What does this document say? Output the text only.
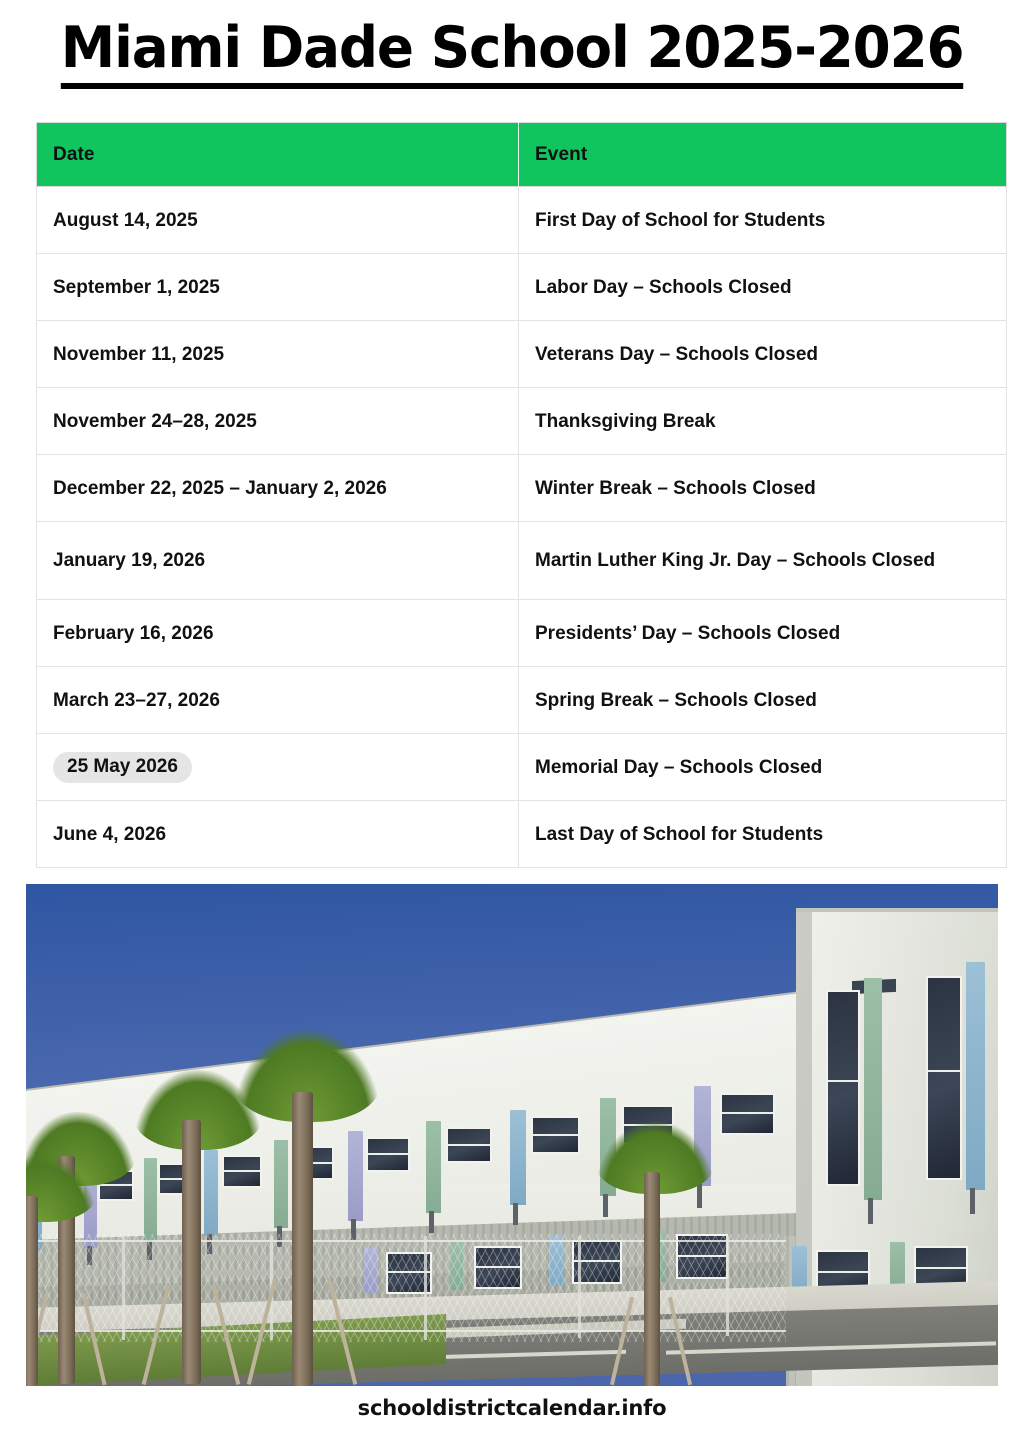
Miami Dade School 2025-2026
Date	Event
August 14, 2025	First Day of School for Students
September 1, 2025	Labor Day – Schools Closed
November 11, 2025	Veterans Day – Schools Closed
November 24–28, 2025	Thanksgiving Break
December 22, 2025 – January 2, 2026	Winter Break – Schools Closed
January 19, 2026	Martin Luther King Jr. Day – Schools Closed
February 16, 2026	Presidents’ Day – Schools Closed
March 23–27, 2026	Spring Break – Schools Closed
25 May 2026	Memorial Day – Schools Closed
June 4, 2026	Last Day of School for Students
schooldistrictcalendar.info
